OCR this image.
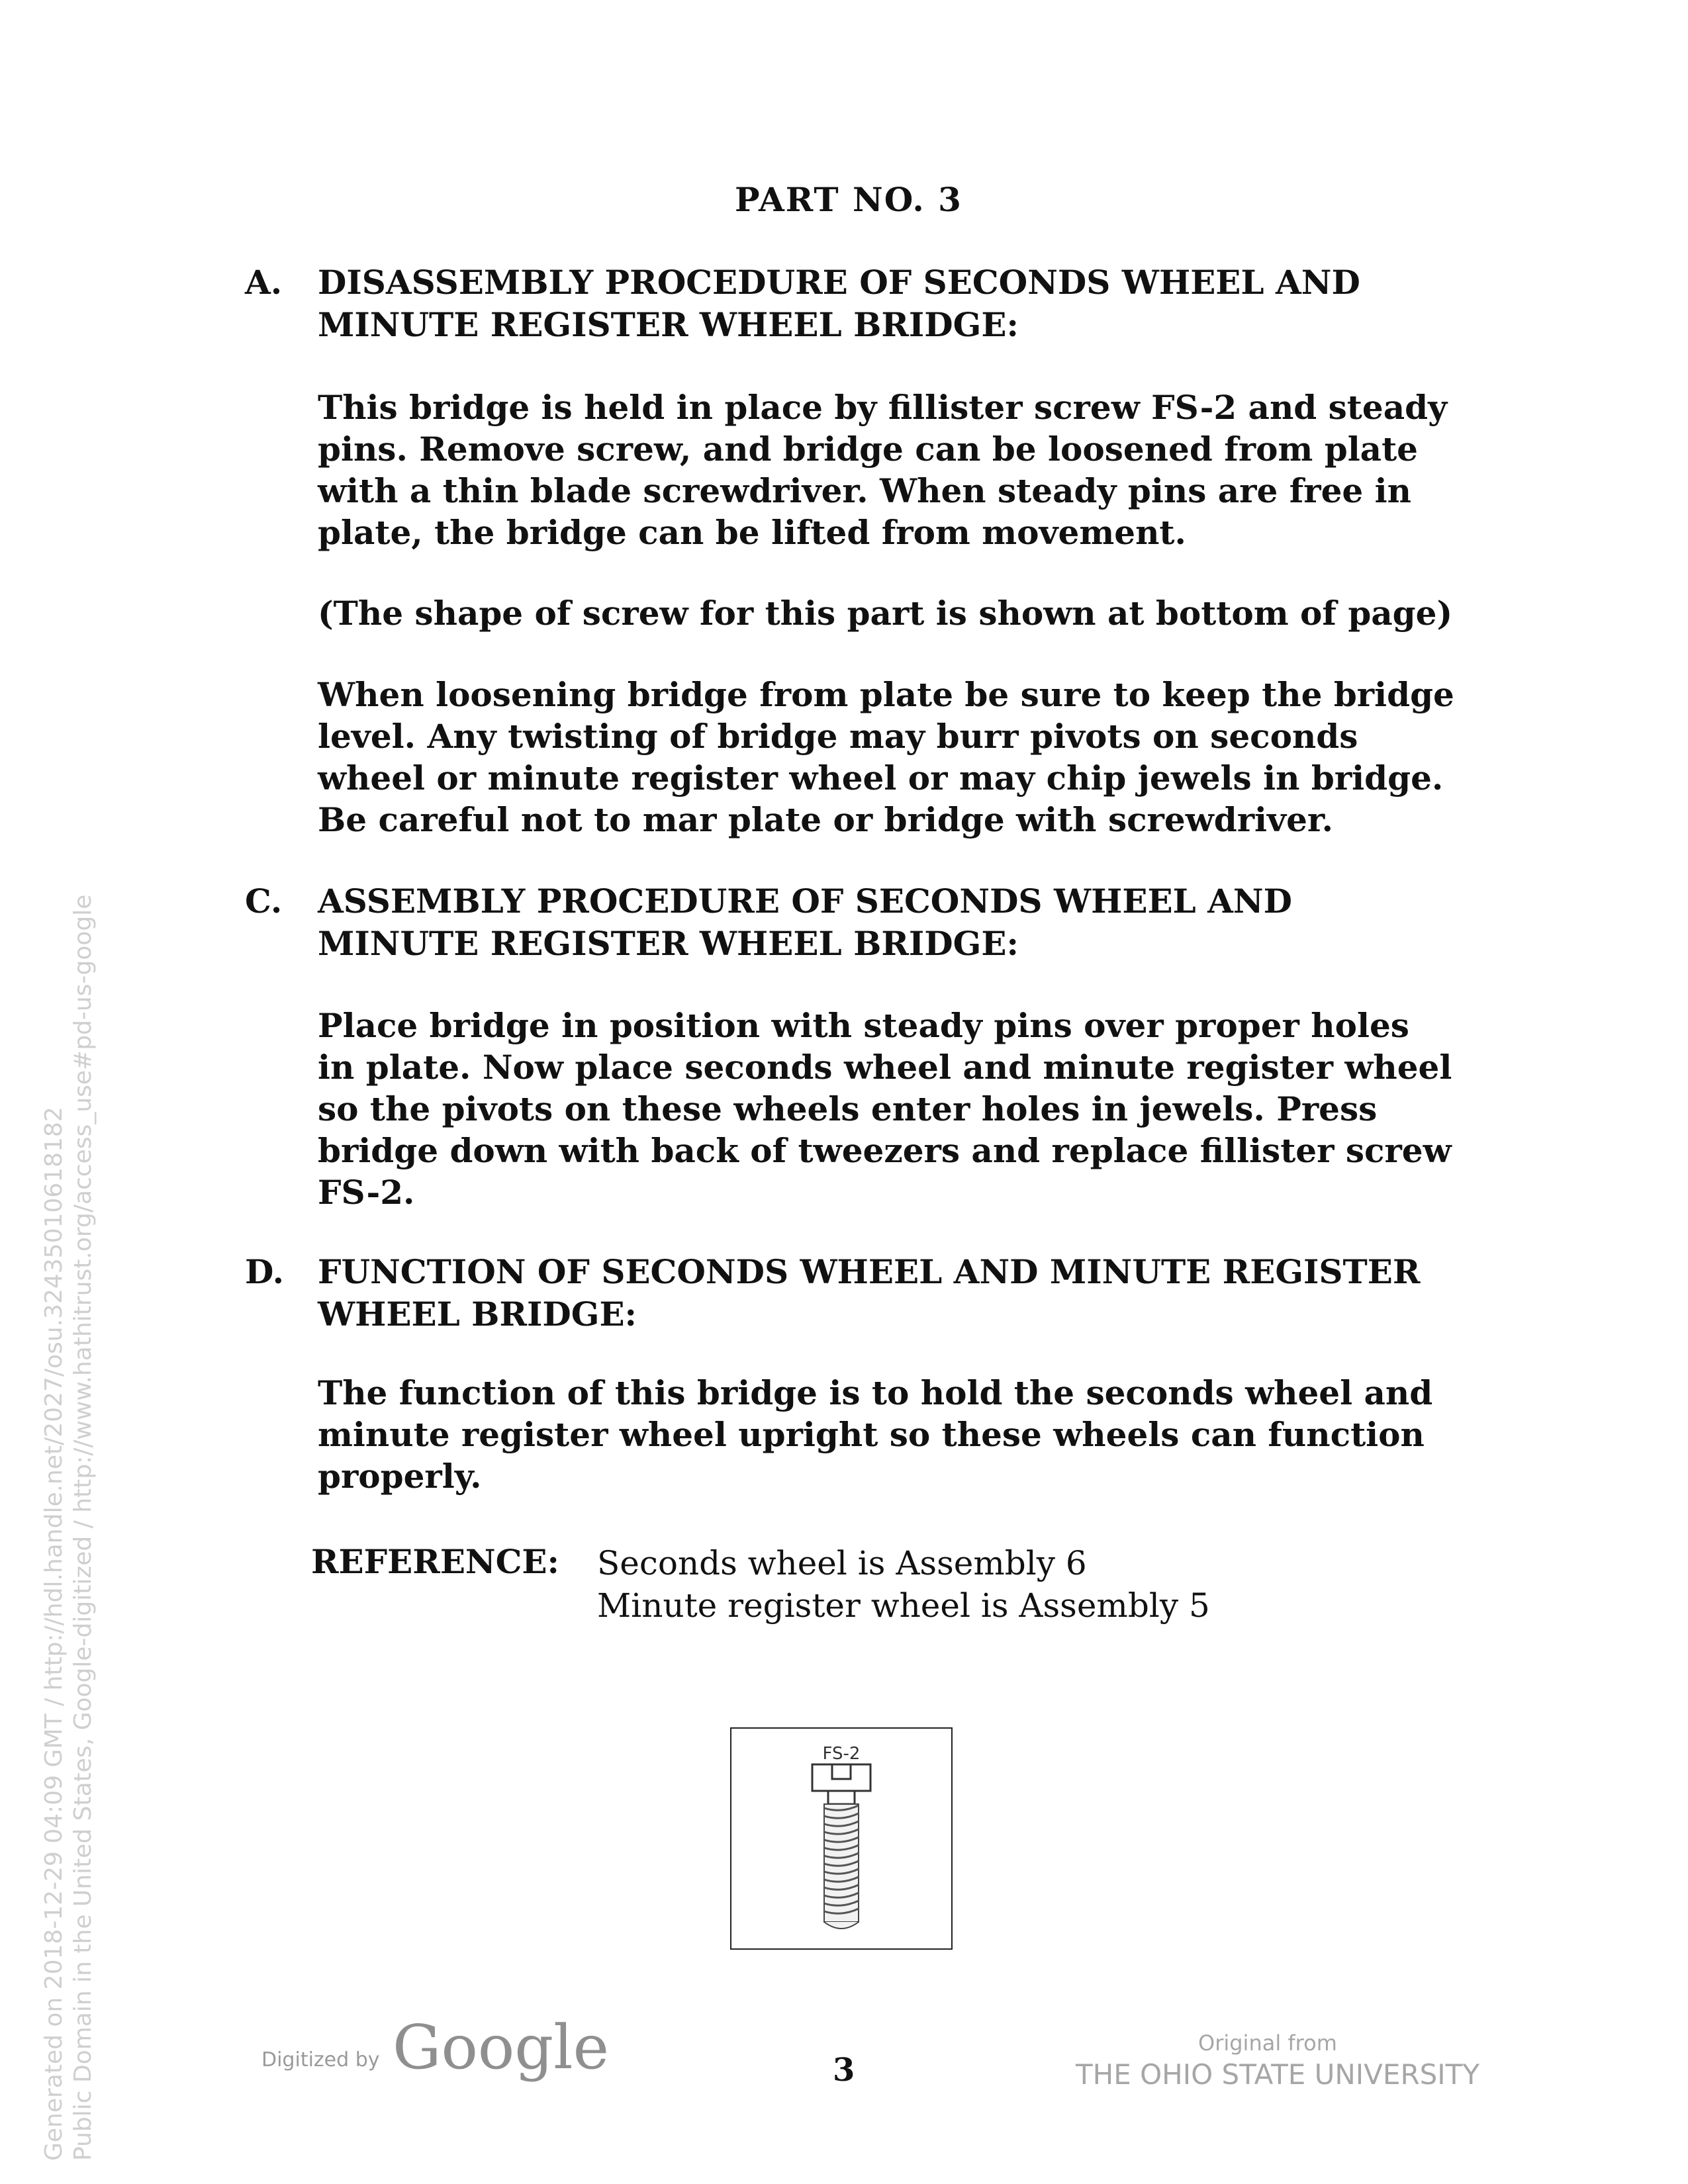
PART NO. 3
A. DISASSEMBLY PROCEDURE OF SECONDS WHEEL AND
MINUTE REGISTER WHEEL BRIDGE:
This bridge is held in place by fillister screw FS-2 and steady
pins. Remove screw, and bridge can be loosened from plate
with a thin blade screwdriver. When steady pins are free in
plate, the bridge can be lifted from movement.
(The shape of screw for this part is shown at bottom of page)
When loosening bridge from plate be sure to keep the bridge
level. Any twisting of bridge may burr pivots on seconds
wheel or minute register wheel or may chip jewels in bridge.
Be careful not to mar plate or bridge with screwdriver.
C. ASSEMBLY PROCEDURE OF SECONDS WHEEL AND
MINUTE REGISTER WHEEL BRIDGE:
Place bridge in position with steady pins over proper holes
in plate. Now place seconds wheel and minute register wheel
so the pivots on these wheels enter holes in jewels. Press
bridge down with back of tweezers and replace fillister screw
FS-2.
D. FUNCTION OF SECONDS WHEEL AND MINUTE REGISTER
WHEEL BRIDGE:
The function of this bridge is to hold the seconds wheel and
minute register wheel upright so these wheels can function
properly.
REFERENCE: Seconds wheel is Assembly 6
Minute register wheel is Assembly 5
FS-2
Generated on 2018-12-29 04:09 GMT / http://hdl.handle.net/2027/osu.32435010618182 Public Domain in the United States, Google-digitized / http://www.hathitrust.org/access_use#pd-us-google	Digitized by Google	3
Original from
THE OHIO STATE UNIVERSITY
